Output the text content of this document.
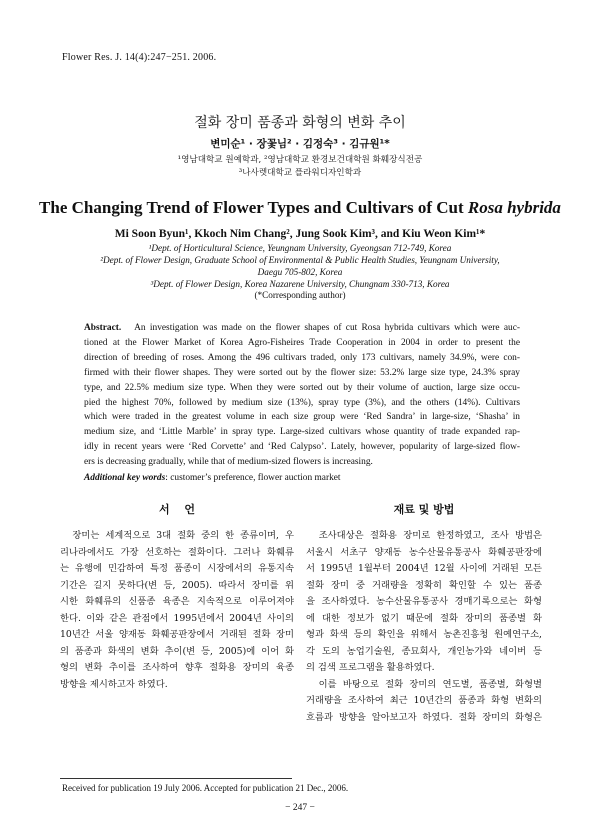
Flower Res. J. 14(4):247−251. 2006.
절화 장미 품종과 화형의 변화 추이
변미순¹ · 장꽃님² · 김정숙³ · 김규원¹*
¹영남대학교 원예학과, ²영남대학교 환경보건대학원 화훼장식전공
³나사렛대학교 플라워디자인학과
The Changing Trend of Flower Types and Cultivars of Cut Rosa hybrida
Mi Soon Byun¹, Kkoch Nim Chang², Jung Sook Kim³, and Kiu Weon Kim¹*
¹Dept. of Horticultural Science, Yeungnam University, Gyeongsan 712-749, Korea
²Dept. of Flower Design, Graduate School of Environmental & Public Health Studies, Yeungnam University,
Daegu 705-802, Korea
³Dept. of Flower Design, Korea Nazarene University, Chungnam 330-713, Korea
(*Corresponding author)
Abstract. An investigation was made on the flower shapes of cut Rosa hybrida cultivars which were auc-
tioned at the Flower Market of Korea Agro-Fisheires Trade Cooperation in 2004 in order to present the
direction of breeding of roses. Among the 496 cultivars traded, only 173 cultivars, namely 34.9%, were con-
firmed with their flower shapes. They were sorted out by the flower size: 53.2% large size type, 24.3% spray
type, and 22.5% medium size type. When they were sorted out by their volume of auction, large size occu-
pied the highest 70%, followed by medium size (13%), spray type (3%), and the others (14%). Cultivars
which were traded in the greatest volume in each size group were ‘Red Sandra’ in large-size, ‘Shasha’ in
medium size, and ‘Little Marble’ in spray type. Large-sized cultivars whose quantity of trade expanded rap-
idly in recent years were ‘Red Corvette’ and ‘Red Calypso’. Lately, however, popularity of large-sized flow-
ers is decreasing gradually, while that of medium-sized flowers is increasing.
Additional key words: customer’s preference, flower auction market
서　 언	재료 및 방법
　장미는 세계적으로 3대 절화 중의 한 종류이며, 우
리나라에서도 가장 선호하는 절화이다. 그러나 화훼류
는 유행에 민감하여 특정 품종이 시장에서의 유통지속
기간은 길지 못하다(변 등, 2005). 따라서 장미를 위
시한 화훼류의 신품종 육종은 지속적으로 이루어져야
한다. 이와 같은 관점에서 1995년에서 2004년 사이의
10년간 서울 양재동 화훼공판장에서 거래된 절화 장미
의 품종과 화색의 변화 추이(변 등, 2005)에 이어 화
형의 변화 추이를 조사하여 향후 절화용 장미의 육종
방향을 제시하고자 하였다.
　조사대상은 절화용 장미로 한정하였고, 조사 방법은
서울시 서초구 양재동 농수산물유통공사 화훼공판장에
서 1995년 1월부터 2004년 12월 사이에 거래된 모든
절화 장미 중 거래량을 정확히 확인할 수 있는 품종
을 조사하였다. 농수산물유통공사 경매기록으로는 화형
에 대한 정보가 없기 때문에 절화 장미의 품종별 화
형과 화색 등의 확인을 위해서 농촌진흥청 원예연구소,
각 도의 농업기술원, 종묘회사, 개인농가와 네이버 등
의 검색 프로그램을 활용하였다.
　이를 바탕으로 절화 장미의 연도별, 품종별, 화형별
거래량을 조사하여 최근 10년간의 품종과 화형 변화의
흐름과 방향을 알아보고자 하였다. 절화 장미의 화형은
Received for publication 19 July 2006. Accepted for publication 21 Dec., 2006.
− 247 −
